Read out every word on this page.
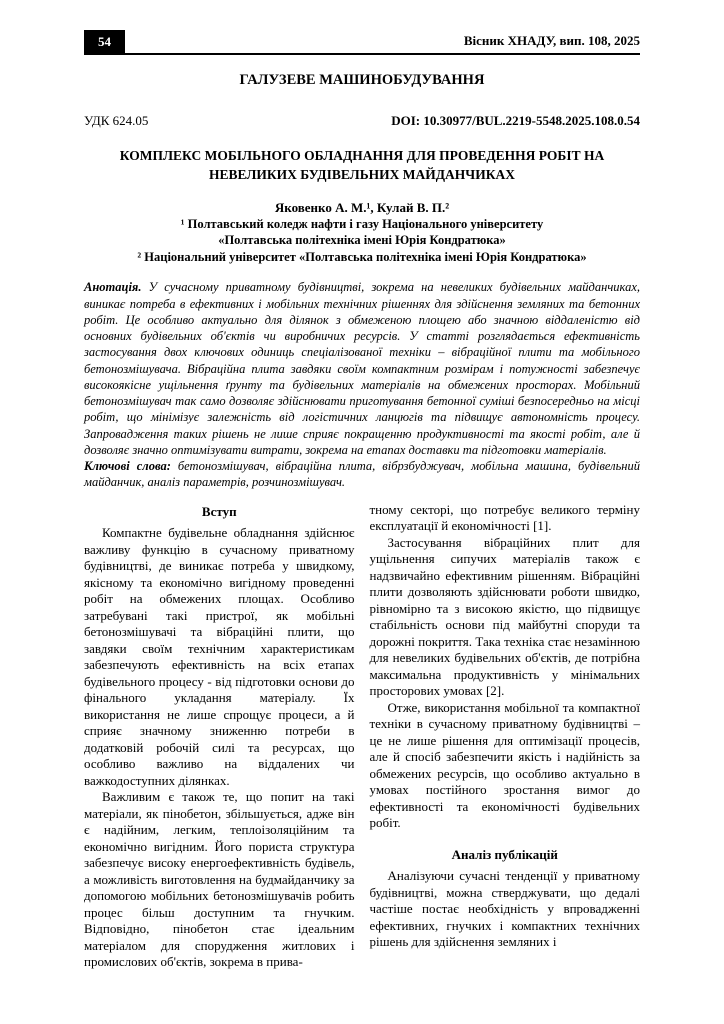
54	Вісник ХНАДУ, вип. 108, 2025
ГАЛУЗЕВЕ МАШИНОБУДУВАННЯ
УДК 624.05	DOI: 10.30977/BUL.2219-5548.2025.108.0.54
КОМПЛЕКС МОБІЛЬНОГО ОБЛАДНАННЯ ДЛЯ ПРОВЕДЕННЯ РОБІТ НА НЕВЕЛИКИХ БУДІВЕЛЬНИХ МАЙДАНЧИКАХ

Яковенко А. М.¹, Кулай В. П.²

¹ Полтавський коледж нафти і газу Національного університету

«Полтавська політехніка імені Юрія Кондратюка»

² Національний університет «Полтавська політехніка імені Юрія Кондратюка»

Анотація. У сучасному приватному будівництві, зокрема на невеликих будівельних майданчиках, виникає потреба в ефективних і мобільних технічних рішеннях для здійснення земляних та бетонних робіт. Це особливо актуально для ділянок з обмеженою площею або значною віддаленістю від основних будівельних об'єктів чи виробничих ресурсів. У статті розглядається ефективність застосування двох ключових одиниць спеціалізованої техніки – вібраційної плити та мобільного бетонозмішувача. Вібраційна плита завдяки своїм компактним розмірам і потужності забезпечує високоякісне ущільнення ґрунту та будівельних матеріалів на обмежених просторах. Мобільний бетонозмішувач так само дозволяє здійснювати приготування бетонної суміші безпосередньо на місці робіт, що мінімізує залежність від логістичних ланцюгів та підвищує автономність процесу. Запровадження таких рішень не лише сприяє покращенню продуктивності та якості робіт, але й дозволяє значно оптимізувати витрати, зокрема на етапах доставки та підготовки матеріалів.

Ключові слова: бетонозмішувач, вібраційна плита, вібрзбуджувач, мобільна машина, будівельний майданчик, аналіз параметрів, розчинозмішувач.

Вступ

Компактне будівельне обладнання здійснює важливу функцію в сучасному приватному будівництві, де виникає потреба у швидкому, якісному та економічно вигідному проведенні робіт на обмежених площах. Особливо затребувані такі пристрої, як мобільні бетонозмішувачі та вібраційні плити, що завдяки своїм технічним характеристикам забезпечують ефективність на всіх етапах будівельного процесу - від підготовки основи до фінального укладання матеріалу. Їх використання не лише спрощує процеси, а й сприяє значному зниженню потреби в додатковій робочій силі та ресурсах, що особливо важливо на віддалених чи важкодоступних ділянках.

Важливим є також те, що попит на такі матеріали, як пінобетон, збільшується, адже він є надійним, легким, теплоізоляційним та економічно вигідним. Його пориста структура забезпечує високу енергоефективність будівель, а можливість виготовлення на будмайданчику за допомогою мобільних бетонозмішувачів робить процес більш доступним та гнучким. Відповідно, пінобетон стає ідеальним матеріалом для спорудження житлових і промислових об'єктів, зокрема в прива-

тному секторі, що потребує великого терміну експлуатації й економічності [1].

Застосування вібраційних плит для ущільнення сипучих матеріалів також є надзвичайно ефективним рішенням. Вібраційні плити дозволяють здійснювати роботи швидко, рівномірно та з високою якістю, що підвищує стабільність основи під майбутні споруди та дорожні покриття. Така техніка стає незамінною для невеликих будівельних об'єктів, де потрібна максимальна продуктивність у мінімальних просторових умовах [2].

Отже, використання мобільної та компактної техніки в сучасному приватному будівництві – це не лише рішення для оптимізації процесів, але й спосіб забезпечити якість і надійність за обмежених ресурсів, що особливо актуально в умовах постійного зростання вимог до ефективності та економічності будівельних робіт.

Аналіз публікацій

Аналізуючи сучасні тенденції у приватному будівництві, можна стверджувати, що дедалі частіше постає необхідність у впровадженні ефективних, гнучких і компактних технічних рішень для здійснення земляних і
